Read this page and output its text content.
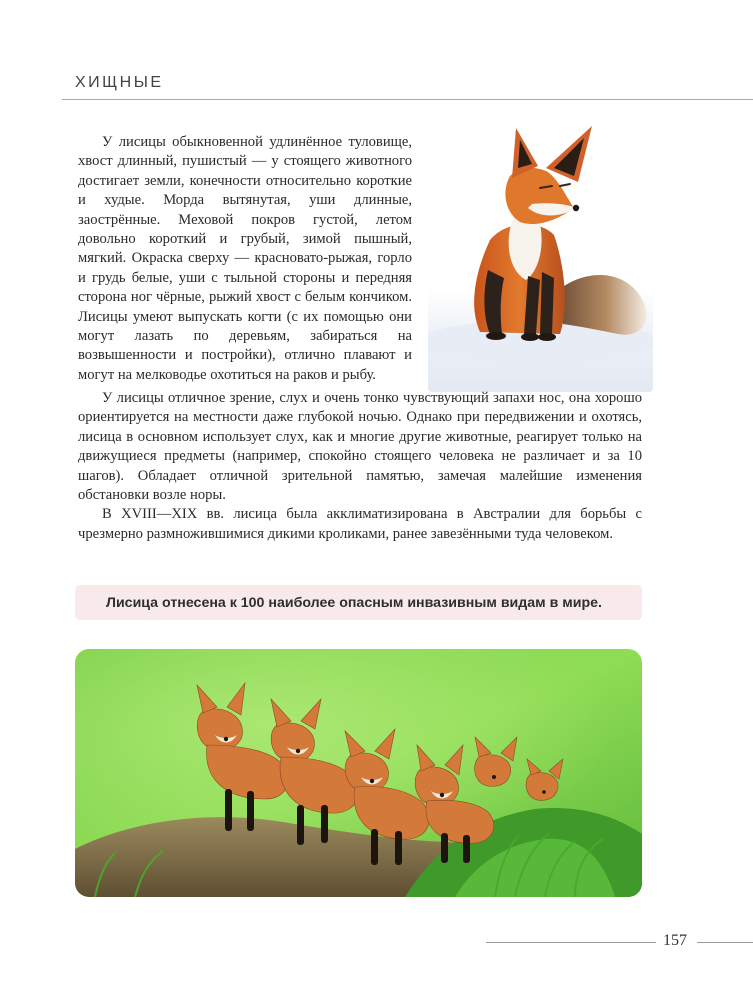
ХИЩНЫЕ

У лисицы обыкновенной удлинённое туловище, хвост длинный, пушистый — у стоящего животного достигает земли, конечности относительно короткие и худые. Морда вытянутая, уши длинные, заострённые. Меховой покров густой, летом довольно короткий и грубый, зимой пышный, мягкий. Окраска сверху — красновато-рыжая, горло и грудь белые, уши с тыльной стороны и передняя сторона ног чёрные, рыжий хвост с белым кончиком. Лисицы умеют выпускать когти (с их помощью они могут лазать по деревьям, забираться на возвышенности и постройки), отлично плавают и могут на мелководье охотиться на раков и рыбу.

У лисицы отличное зрение, слух и очень тонко чувствующий запахи нос, она хорошо ориентируется на местности даже глубокой ночью. Однако при передвижении и охотясь, лисица в основном использует слух, как и многие другие животные, реагирует только на движущиеся предметы (например, спокойно стоящего человека не различает и за 10 шагов). Обладает отличной зрительной памятью, замечая малейшие изменения обстановки возле норы.

В XVIII—XIX вв. лисица была акклиматизирована в Австралии для борьбы с чрезмерно размножившимися дикими кроликами, ранее завезёнными туда человеком.

Лисица отнесена к 100 наиболее опасным инвазивным видам в мире.
157
